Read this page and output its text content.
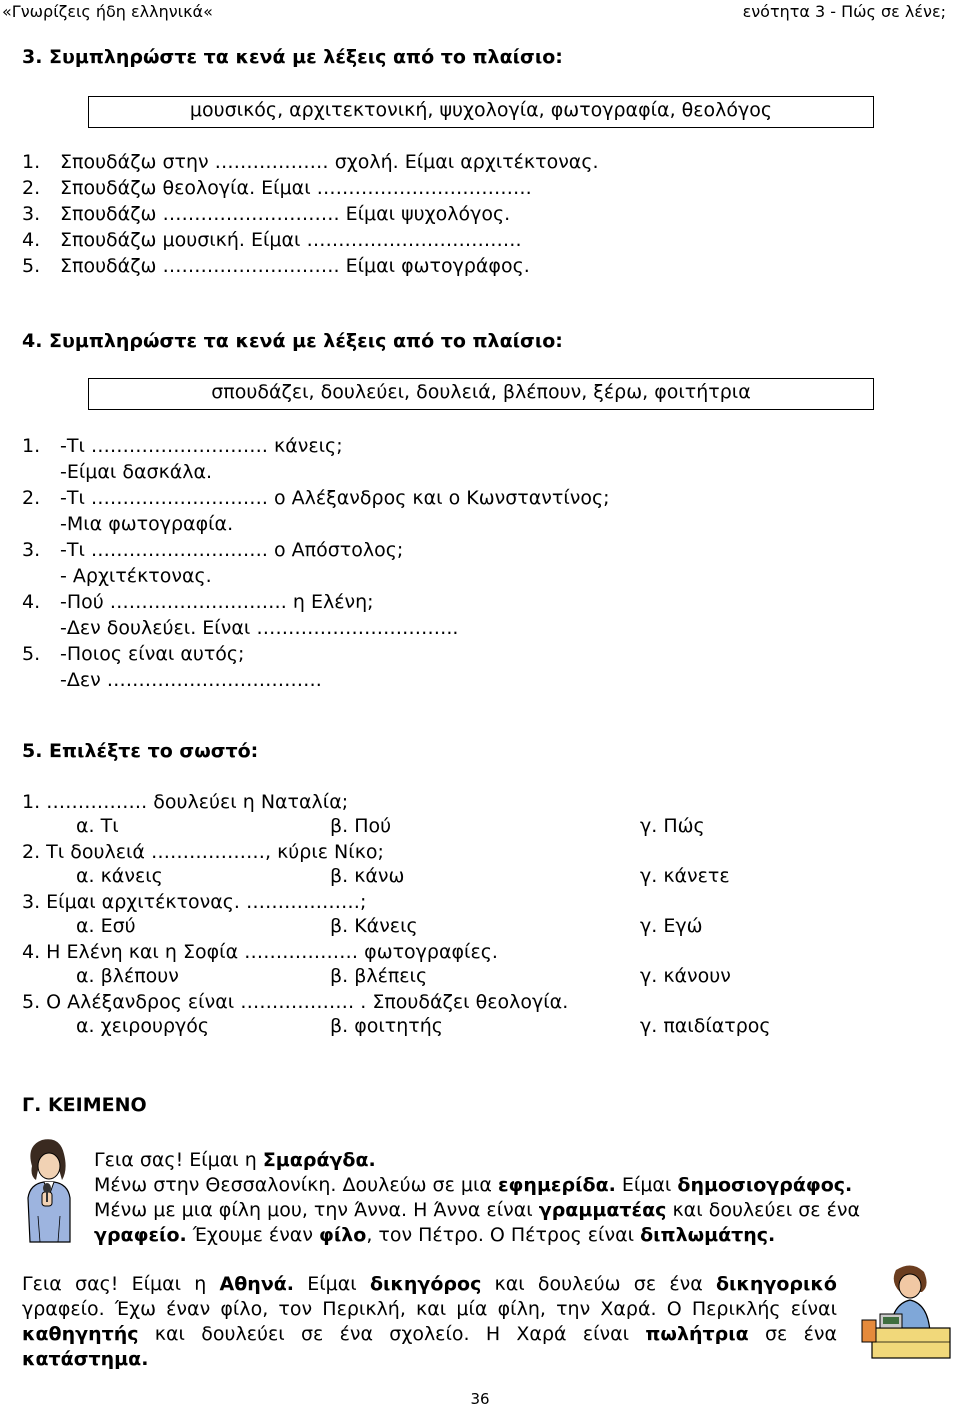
«Γνωρίζεις ήδη ελληνικά«	ενότητα 3 - Πώς σε λένε;
3. Συμπληρώστε τα κενά με λέξεις από το πλαίσιο:
μουσικός, αρχιτεκτονική, ψυχολογία, φωτογραφία, θεολόγος
1. Σπουδάζω στην ……………… σχολή. Είμαι αρχιτέκτονας.
2. Σπουδάζω θεολογία. Είμαι …………………………….
3. Σπουδάζω ………………………. Είμαι ψυχολόγος.
4. Σπουδάζω μουσική. Είμαι …………………………….
5. Σπουδάζω ………………………. Είμαι φωτογράφος.
4. Συμπληρώστε τα κενά με λέξεις από το πλαίσιο:
σπουδάζει, δουλεύει, δουλειά, βλέπουν, ξέρω, φοιτήτρια
1. -Τι ………………………. κάνεις;
-Είμαι δασκάλα.
2. -Τι ………………………. ο Αλέξανδρος και ο Κωνσταντίνος;
-Μια φωτογραφία.
3. -Τι ………………………. ο Απόστολος;
- Αρχιτέκτονας.
4. -Πού ………………………. η Ελένη;
-Δεν δουλεύει. Είναι …………………………..
5. -Ποιος είναι αυτός;
-Δεν …………………………….
5. Επιλέξτε το σωστό:
1. ……………. δουλεύει η Ναταλία;
α. Τι	β. Πού	γ. Πώς
2. Τι δουλειά ………………, κύριε Νίκο;
α. κάνεις	β. κάνω	γ. κάνετε
3. Είμαι αρχιτέκτονας. ………………;
α. Εσύ	β. Κάνεις	γ. Εγώ
4. Η Ελένη και η Σοφία ……………… φωτογραφίες.
α. βλέπουν	β. βλέπεις	γ. κάνουν
5. Ο Αλέξανδρος είναι ……………… . Σπουδάζει θεολογία.
α. χειρουργός	β. φοιτητής	γ. παιδίατρος
Γ. ΚΕΙΜΕΝΟ
Γεια σας! Είμαι η Σμαράγδα.
Μένω στην Θεσσαλονίκη. Δουλεύω σε μια εφημερίδα. Είμαι δημοσιογράφος.
Μένω με μια φίλη μου, την Άννα. Η Άννα είναι γραμματέας και δουλεύει σε ένα γραφείο. Έχουμε έναν φίλο, τον Πέτρο. Ο Πέτρος είναι διπλωμάτης.
Γεια σας! Είμαι η Αθηνά. Είμαι δικηγόρος και δουλεύω σε ένα δικηγορικό γραφείο. Έχω έναν φίλο, τον Περικλή, και μία φίλη, την Χαρά. Ο Περικλής είναι καθηγητής και δουλεύει σε ένα σχολείο. Η Χαρά είναι πωλήτρια σε ένα κατάστημα.
36
